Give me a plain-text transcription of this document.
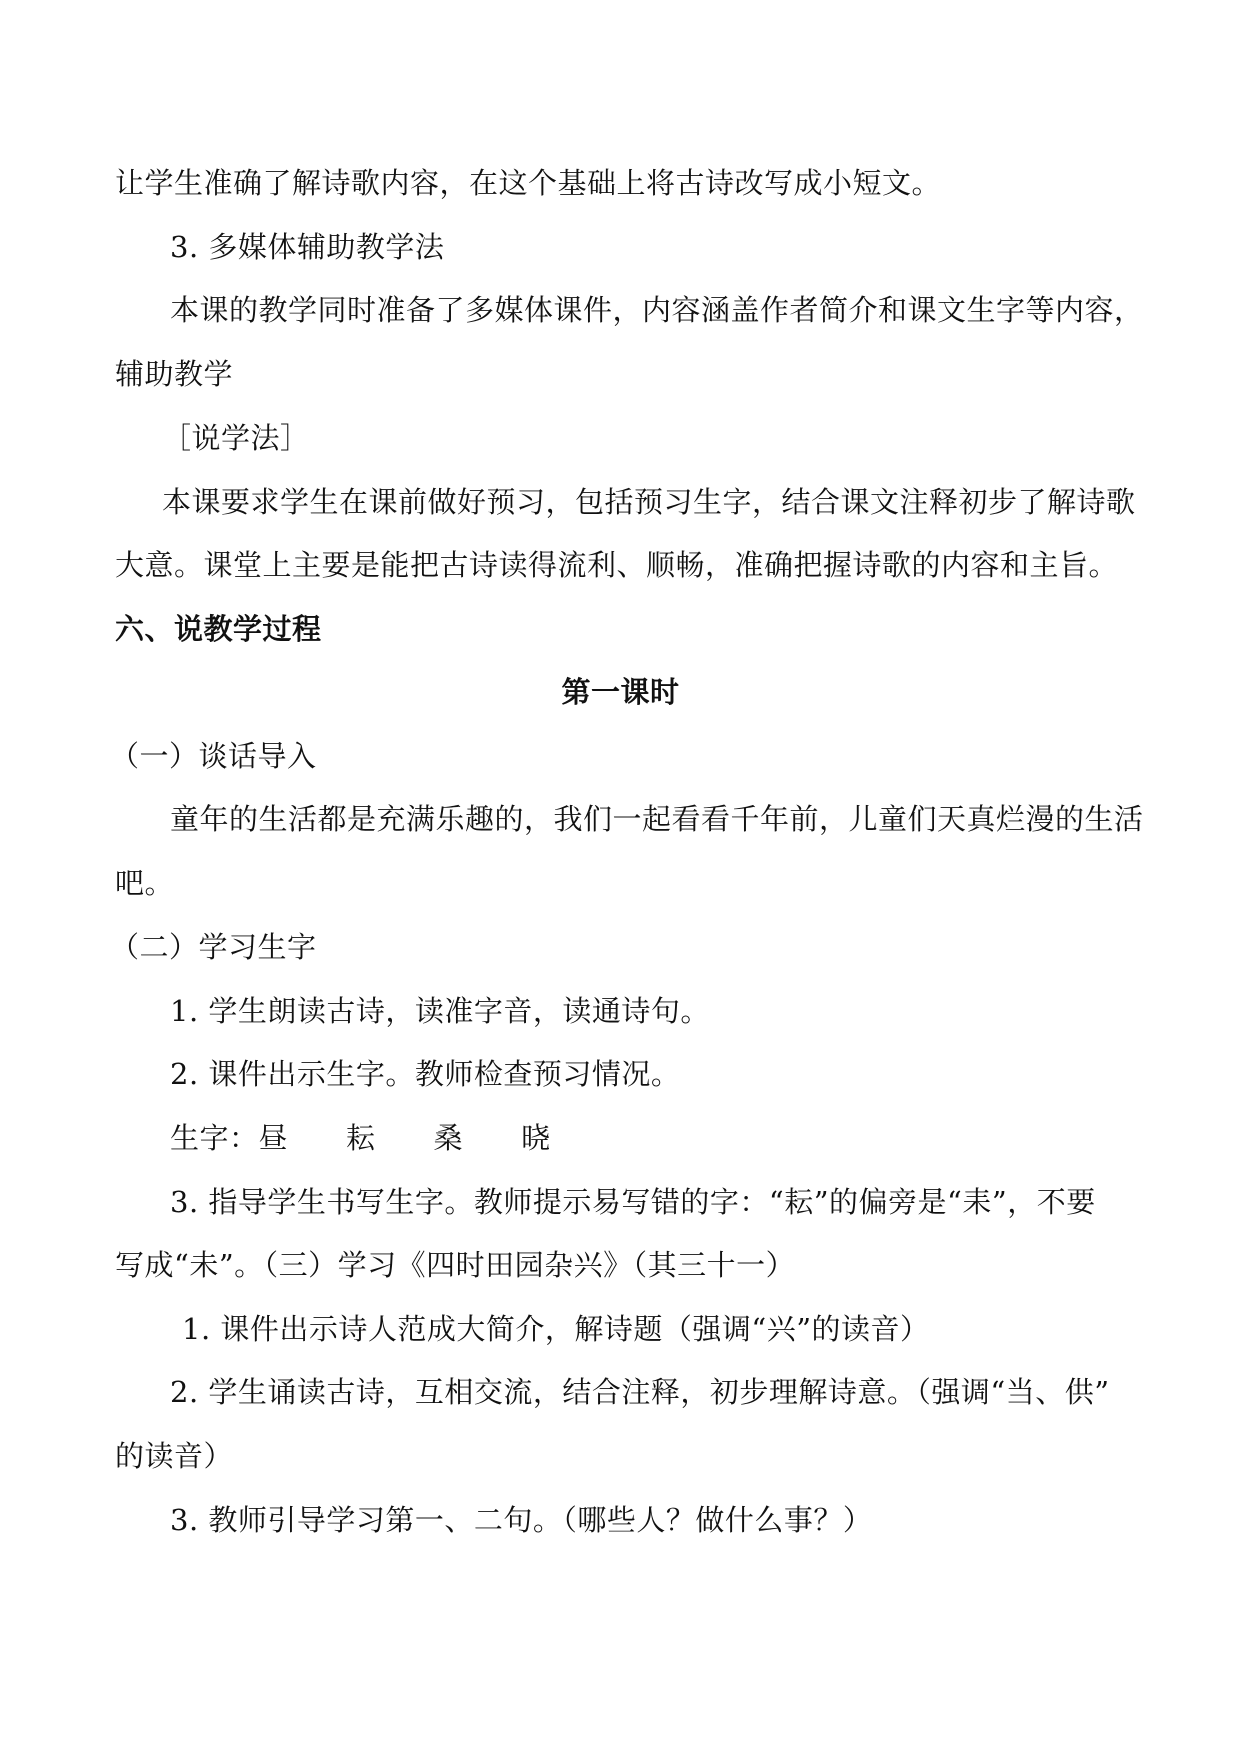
让学生准确了解诗歌内容，在这个基础上将古诗改写成小短文。
3. 多媒体辅助教学法
本课的教学同时准备了多媒体课件，内容涵盖作者简介和课文生字等内容，
辅助教学
［说学法］
本课要求学生在课前做好预习，包括预习生字，结合课文注释初步了解诗歌
大意。课堂上主要是能把古诗读得流利、顺畅，准确把握诗歌的内容和主旨。
六、说教学过程
第一课时
（一）谈话导入
童年的生活都是充满乐趣的，我们一起看看千年前，儿童们天真烂漫的生活
吧。
（二）学习生字
1. 学生朗读古诗，读准字音，读通诗句。
2. 课件出示生字。教师检查预习情况。
生字：昼 耘 桑 晓
3. 指导学生书写生字。教师提示易写错的字：“耘”的偏旁是“耒”，不要
写成“未”。（三）学习《四时田园杂兴》（其三十一）
1. 课件出示诗人范成大简介，解诗题（强调“兴”的读音）
2. 学生诵读古诗，互相交流，结合注释，初步理解诗意。（强调“当、供”
的读音）
3. 教师引导学习第一、二句。（哪些人？做什么事？）
